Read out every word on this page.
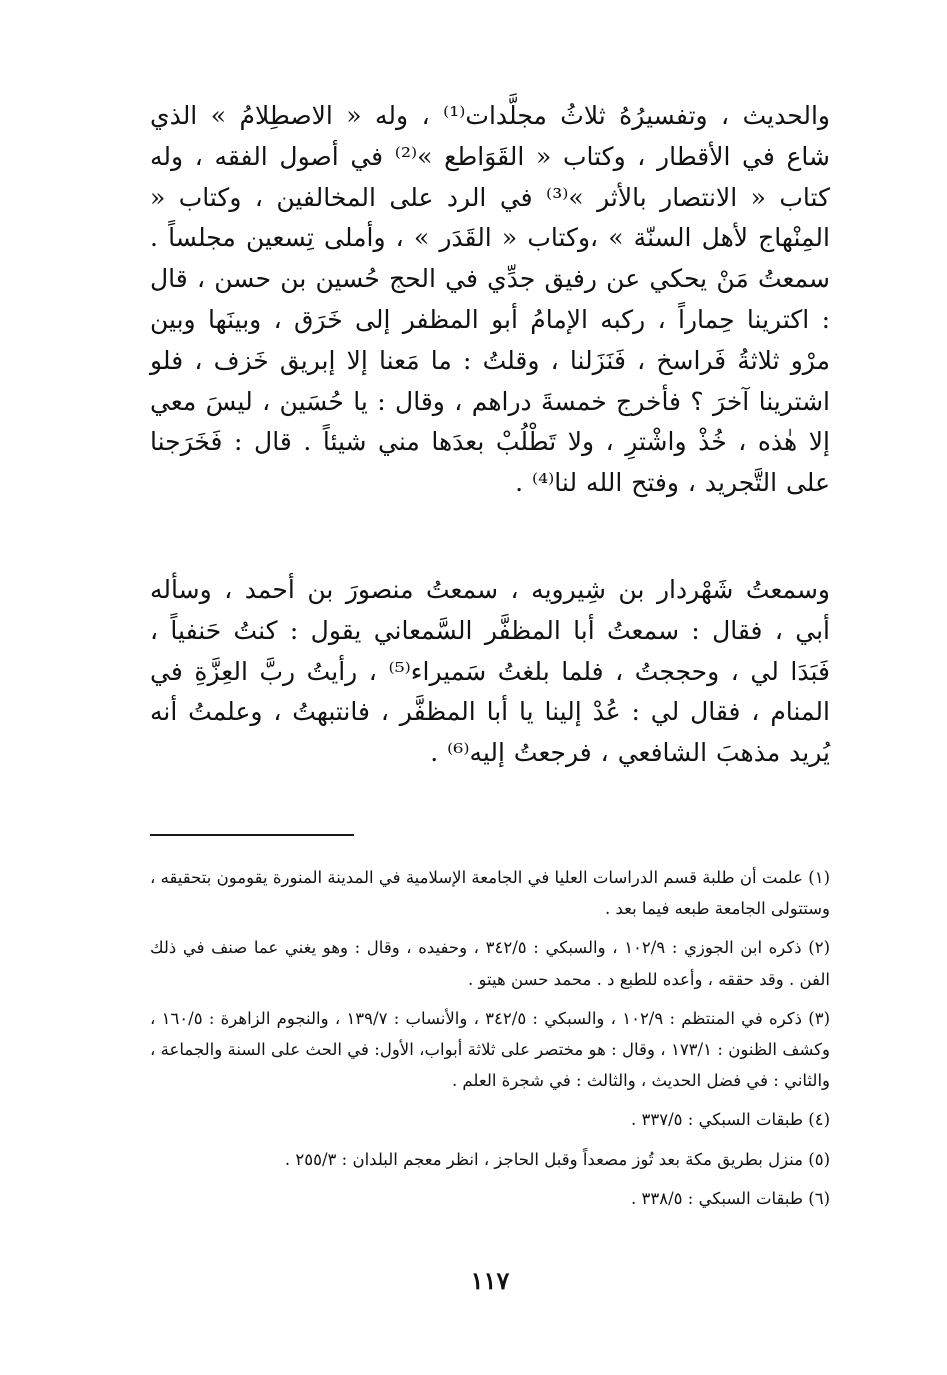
والحديث ، وتفسيرُهُ ثلاثُ مجلَّدات⁽¹⁾ ، وله « الاصطِلامُ » الذي شاع في الأقطار ، وكتاب « القَوَاطع »⁽²⁾ في أصول الفقه ، وله كتاب « الانتصار بالأثر »⁽³⁾ في الرد على المخالفين ، وكتاب « المِنْهاج لأهل السنّة » ،وكتاب « القَدَر » ، وأملى تِسعين مجلساً . سمعتُ مَنْ يحكي عن رفيق جدِّي في الحج حُسين بن حسن ، قال : اكترينا حِماراً ، ركبه الإمامُ أبو المظفر إلى خَرَق ، وبينَها وبين مرْو ثلاثةُ فَراسخ ، فَنَزَلنا ، وقلتُ : ما مَعنا إلا إبريق خَزف ، فلو اشترينا آخرَ ؟ فأخرج خمسةَ دراهم ، وقال : يا حُسَين ، ليسَ معي إلا هٰذه ، خُذْ واشْترِ ، ولا تَطْلُبْ بعدَها مني شيئاً . قال : فَخَرَجنا على التَّجريد ، وفتح الله لنا⁽⁴⁾ .

وسمعتُ شَهْردار بن شِيرويه ، سمعتُ منصورَ بن أحمد ، وسأله أبي ، فقال : سمعتُ أبا المظفَّر السَّمعاني يقول : كنتُ حَنفياً ، فَبَدَا لي ، وحججتُ ، فلما بلغتُ سَميراء⁽⁵⁾ ، رأيتُ ربَّ العِزَّةِ في المنام ، فقال لي : عُدْ إلينا يا أبا المظفَّر ، فانتبهتُ ، وعلمتُ أنه يُريد مذهبَ الشافعي ، فرجعتُ إليه⁽⁶⁾ .

(١) علمت أن طلبة قسم الدراسات العليا في الجامعة الإسلامية في المدينة المنورة يقومون بتحقيقه ، وستتولى الجامعة طبعه فيما بعد .

(٢) ذكره ابن الجوزي : ١٠٢/٩ ، والسبكي : ٣٤٢/٥ ، وحفيده ، وقال : وهو يغني عما صنف في ذلك الفن . وقد حققه ، وأعده للطبع د . محمد حسن هيتو .

(٣) ذكره في المنتظم : ١٠٢/٩ ، والسبكي : ٣٤٢/٥ ، والأنساب : ١٣٩/٧ ، والنجوم الزاهرة : ١٦٠/٥ ، وكشف الظنون : ١٧٣/١ ، وقال : هو مختصر على ثلاثة أبواب، الأول: في الحث على السنة والجماعة ، والثاني : في فضل الحديث ، والثالث : في شجرة العلم .

(٤) طبقات السبكي : ٣٣٧/٥ .

(٥) منزل بطريق مكة بعد تُوز مصعداً وقبل الحاجز ، انظر معجم البلدان : ٢٥٥/٣ .

(٦) طبقات السبكي : ٣٣٨/٥ .

١١٧
